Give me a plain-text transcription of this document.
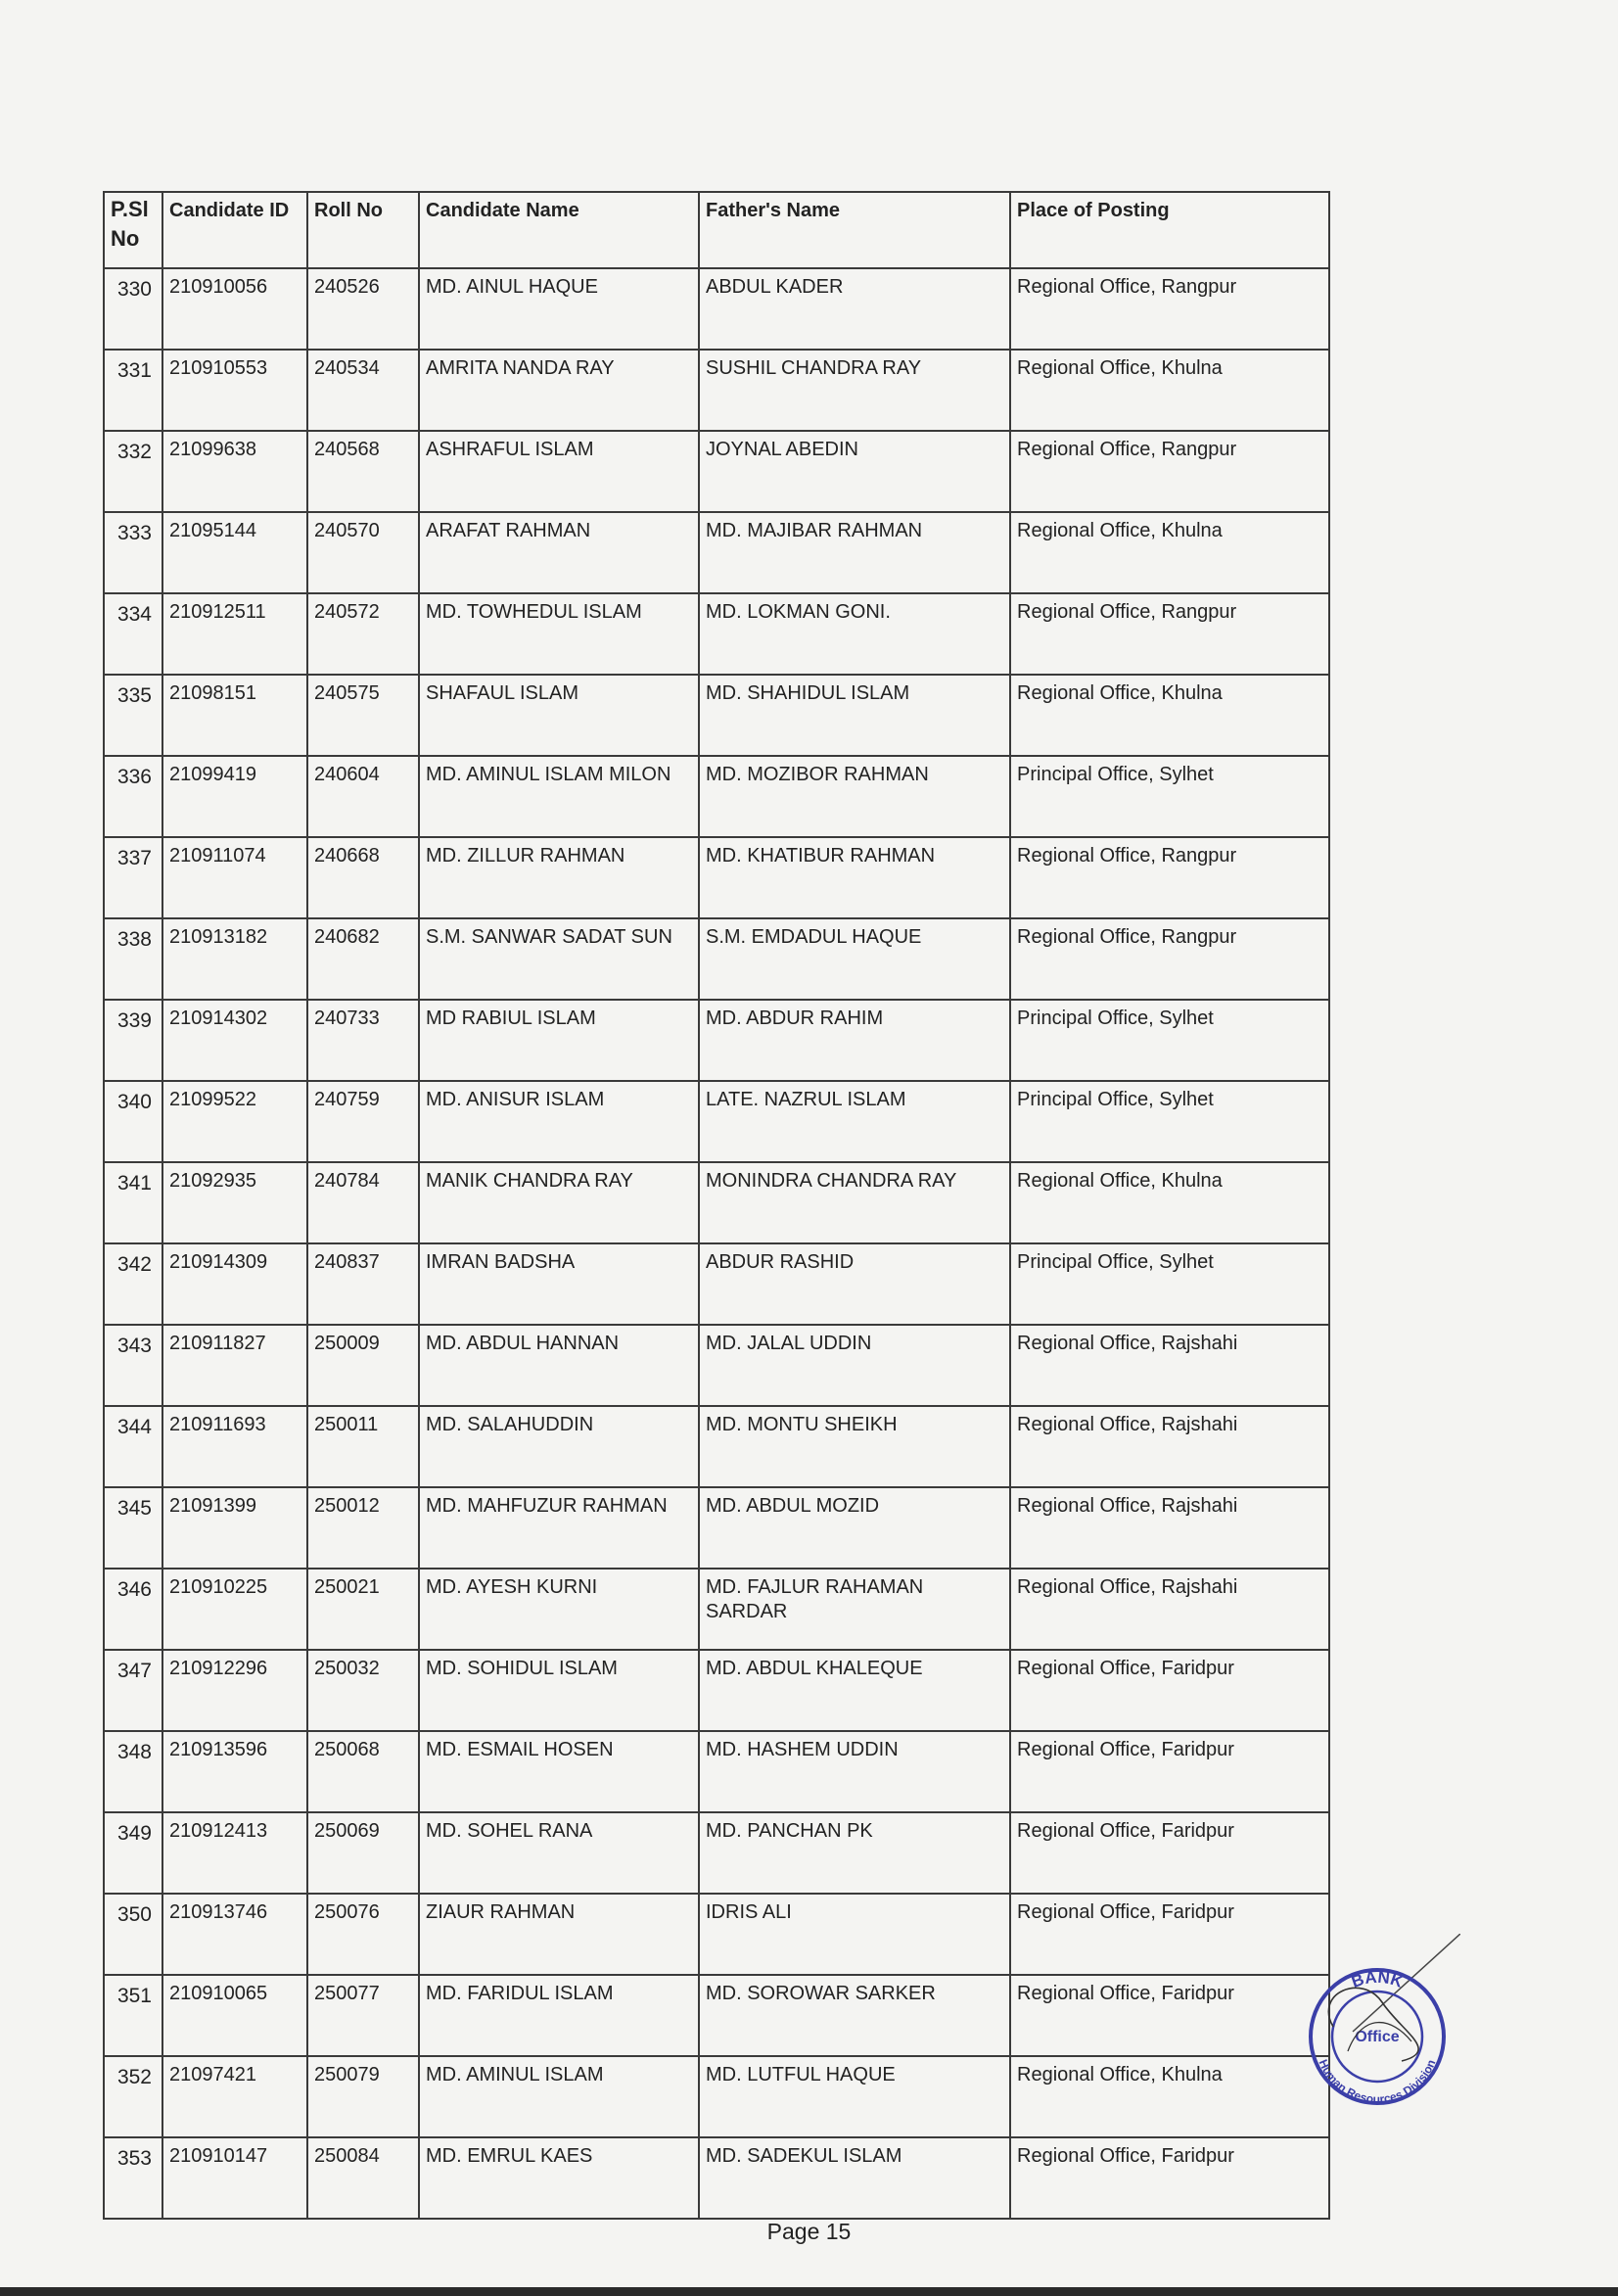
P.Sl No	Candidate ID	Roll No	Candidate Name	Father's Name	Place of Posting
330	210910056	240526	MD. AINUL HAQUE	ABDUL KADER	Regional Office, Rangpur
331	210910553	240534	AMRITA NANDA RAY	SUSHIL CHANDRA RAY	Regional Office, Khulna
332	21099638	240568	ASHRAFUL ISLAM	JOYNAL ABEDIN	Regional Office, Rangpur
333	21095144	240570	ARAFAT RAHMAN	MD. MAJIBAR RAHMAN	Regional Office, Khulna
334	210912511	240572	MD. TOWHEDUL ISLAM	MD. LOKMAN GONI.	Regional Office, Rangpur
335	21098151	240575	SHAFAUL ISLAM	MD. SHAHIDUL ISLAM	Regional Office, Khulna
336	21099419	240604	MD. AMINUL ISLAM MILON	MD. MOZIBOR RAHMAN	Principal Office, Sylhet
337	210911074	240668	MD. ZILLUR RAHMAN	MD. KHATIBUR RAHMAN	Regional Office, Rangpur
338	210913182	240682	S.M. SANWAR SADAT SUN	S.M. EMDADUL HAQUE	Regional Office, Rangpur
339	210914302	240733	MD RABIUL ISLAM	MD. ABDUR RAHIM	Principal Office, Sylhet
340	21099522	240759	MD. ANISUR ISLAM	LATE. NAZRUL ISLAM	Principal Office, Sylhet
341	21092935	240784	MANIK CHANDRA RAY	MONINDRA CHANDRA RAY	Regional Office, Khulna
342	210914309	240837	IMRAN BADSHA	ABDUR RASHID	Principal Office, Sylhet
343	210911827	250009	MD. ABDUL HANNAN	MD. JALAL UDDIN	Regional Office, Rajshahi
344	210911693	250011	MD. SALAHUDDIN	MD. MONTU SHEIKH	Regional Office, Rajshahi
345	21091399	250012	MD. MAHFUZUR RAHMAN	MD. ABDUL MOZID	Regional Office, Rajshahi
346	210910225	250021	MD. AYESH KURNI	MD. FAJLUR RAHAMAN SARDAR	Regional Office, Rajshahi
347	210912296	250032	MD. SOHIDUL ISLAM	MD. ABDUL KHALEQUE	Regional Office, Faridpur
348	210913596	250068	MD. ESMAIL HOSEN	MD. HASHEM UDDIN	Regional Office, Faridpur
349	210912413	250069	MD. SOHEL RANA	MD. PANCHAN PK	Regional Office, Faridpur
350	210913746	250076	ZIAUR RAHMAN	IDRIS ALI	Regional Office, Faridpur
351	210910065	250077	MD. FARIDUL ISLAM	MD. SOROWAR SARKER	Regional Office, Faridpur
352	21097421	250079	MD. AMINUL ISLAM	MD. LUTFUL HAQUE	Regional Office, Khulna
353	210910147	250084	MD. EMRUL KAES	MD. SADEKUL ISLAM	Regional Office, Faridpur
Page 15
BANK
Office
Human Resources Division
